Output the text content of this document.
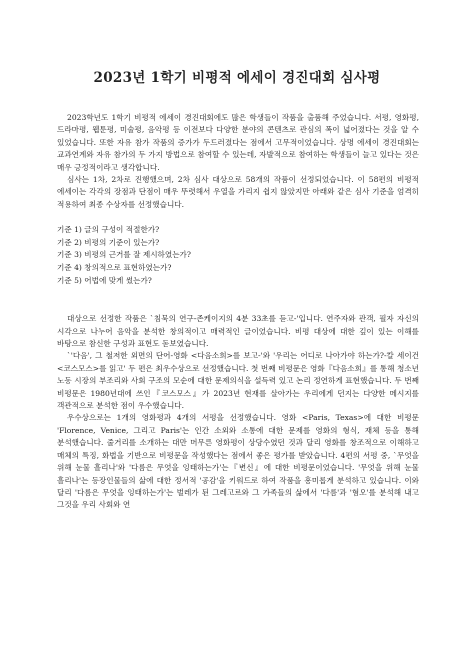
2023년 1학기 비평적 에세이 경진대회 심사평

2023학년도 1학기 비평적 에세이 경진대회에도 많은 학생들이 작품을 출품해 주었습니다. 서평, 영화평, 드라마평, 웹툰평, 미술평, 음악평 등 이전보다 다양한 분야의 콘텐츠로 관심의 폭이 넓어졌다는 것을 알 수 있었습니다. 또한 자유 참가 작품의 증가가 두드러졌다는 점에서 고무적이었습니다. 상명 에세이 경진대회는 교과연계와 자유 참가의 두 가지 방법으로 참여할 수 있는데, 자발적으로 참여하는 학생들이 늘고 있다는 것은 매우 긍정적이라고 생각합니다.

심사는 1차, 2차로 진행했으며, 2차 심사 대상으로 58개의 작품이 선정되었습니다. 이 58편의 비평적 에세이는 각각의 장점과 단점이 매우 뚜렷해서 우열을 가리지 쉽지 않았지만 아래와 같은 심사 기준을 엄격히 적용하여 최종 수상자를 선정했습니다.

기준 1) 글의 구성이 적절한가?
기준 2) 비평의 기준이 있는가?
기준 3) 비평의 근거를 잘 제시하였는가?
기준 4) 창의적으로 표현하였는가?
기준 5) 어법에 맞게 썼는가?

대상으로 선정한 작품은 `침묵의 연구-존케이지의 4분 33초를 듣고-'입니다. 연주자와 관객, 필자 자신의 시각으로 나누어 음악을 분석한 창의적이고 매력적인 글이었습니다. 비평 대상에 대한 깊이 있는 이해를 바탕으로 참신한 구성과 표현도 돋보였습니다.

`'다음', 그 철저한 외면의 단어-영화 <다음소희>를 보고-'와 '우리는 어디로 나아가야 하는가?-칼 세이건 <코스모스>를 읽고' 두 편은 최우수상으로 선정했습니다. 첫 번째 비평문은 영화『다음소희』를 통해 청소년 노동 시장의 부조리와 사회 구조의 모순에 대한 문제의식을 설득력 있고 논리 정연하게 표현했습니다. 두 번째 비평문은 1980년대에 쓰인『코스모스』가 2023년 현재를 살아가는 우리에게 던지는 다양한 메시지를 객관적으로 분석한 점이 우수했습니다.

우수상으로는 1개의 영화평과 4개의 서평을 선정했습니다. 영화 <Paris, Texas>에 대한 비평문 'Florence, Venice, 그리고 Paris'는 인간 소외와 소통에 대한 문제를 영화의 형식, 재체 등을 통해 분석했습니다. 줄거리를 소개하는 대만 머무른 영화평이 상당수였던 것과 달리 영화를 창조적으로 이해하고 매체의 특징, 화법을 기반으로 비평문을 작성했다는 점에서 좋은 평가를 받았습니다. 4편의 서평 중, `무엇을 위해 눈물 흘리나'와 '다름은 무엇을 잉태하는가'는『변신』에 대한 비평문이었습니다. '무엇을 위해 눈물 흘리나'는 등장인물들의 삶에 대한 정서적 '공감'을 키워드로 하여 작품을 흥미롭게 분석하고 있습니다. 이와 달리 '다름은 무엇을 잉태하는가'는 벌레가 된 그레고르와 그 가족들의 삶에서 '다름'과 '혐오'를 분석해 내고 그것을 우리 사회와 연
